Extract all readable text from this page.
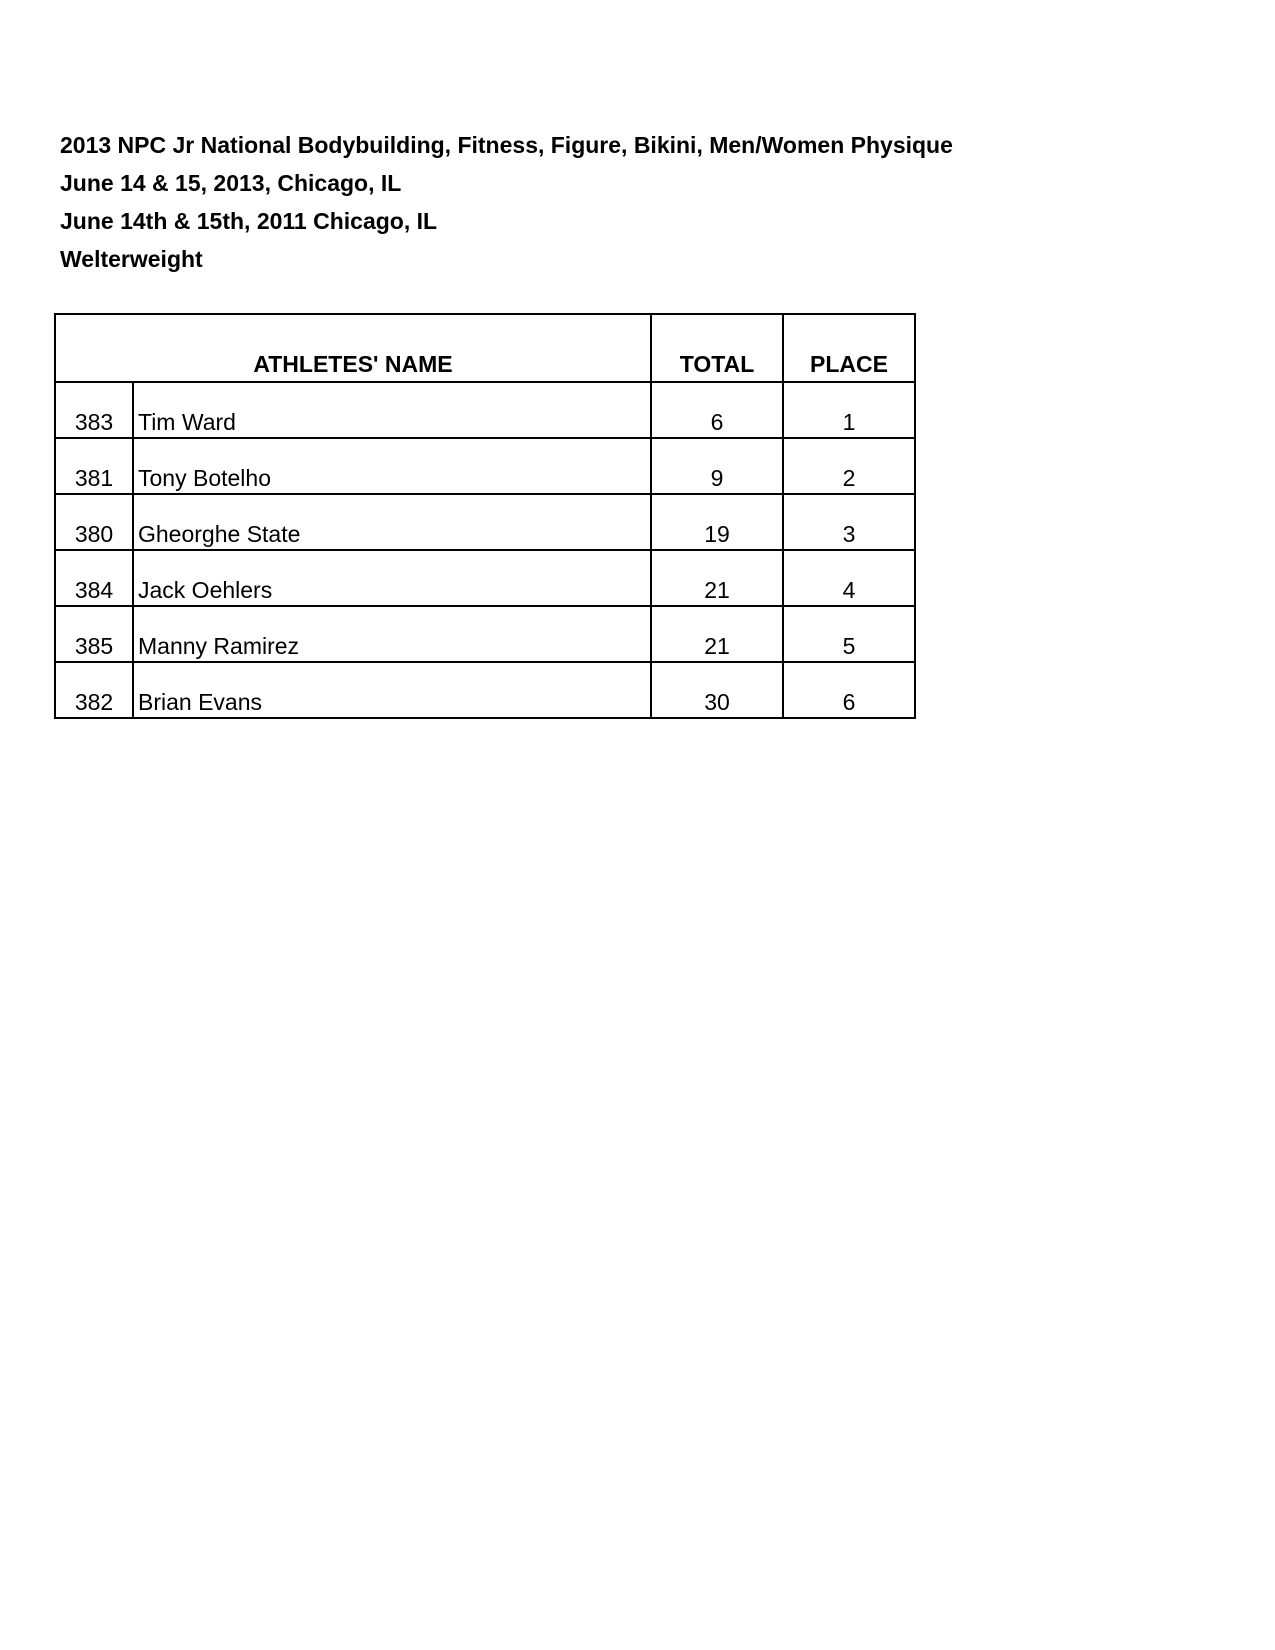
2013 NPC Jr National Bodybuilding, Fitness, Figure, Bikini, Men/Women Physique
June 14 & 15, 2013, Chicago, IL
June 14th & 15th, 2011 Chicago, IL
Welterweight
ATHLETES' NAME		TOTAL	PLACE
383	Tim Ward	6	1
381	Tony Botelho	9	2
380	Gheorghe State	19	3
384	Jack Oehlers	21	4
385	Manny Ramirez	21	5
382	Brian Evans	30	6
